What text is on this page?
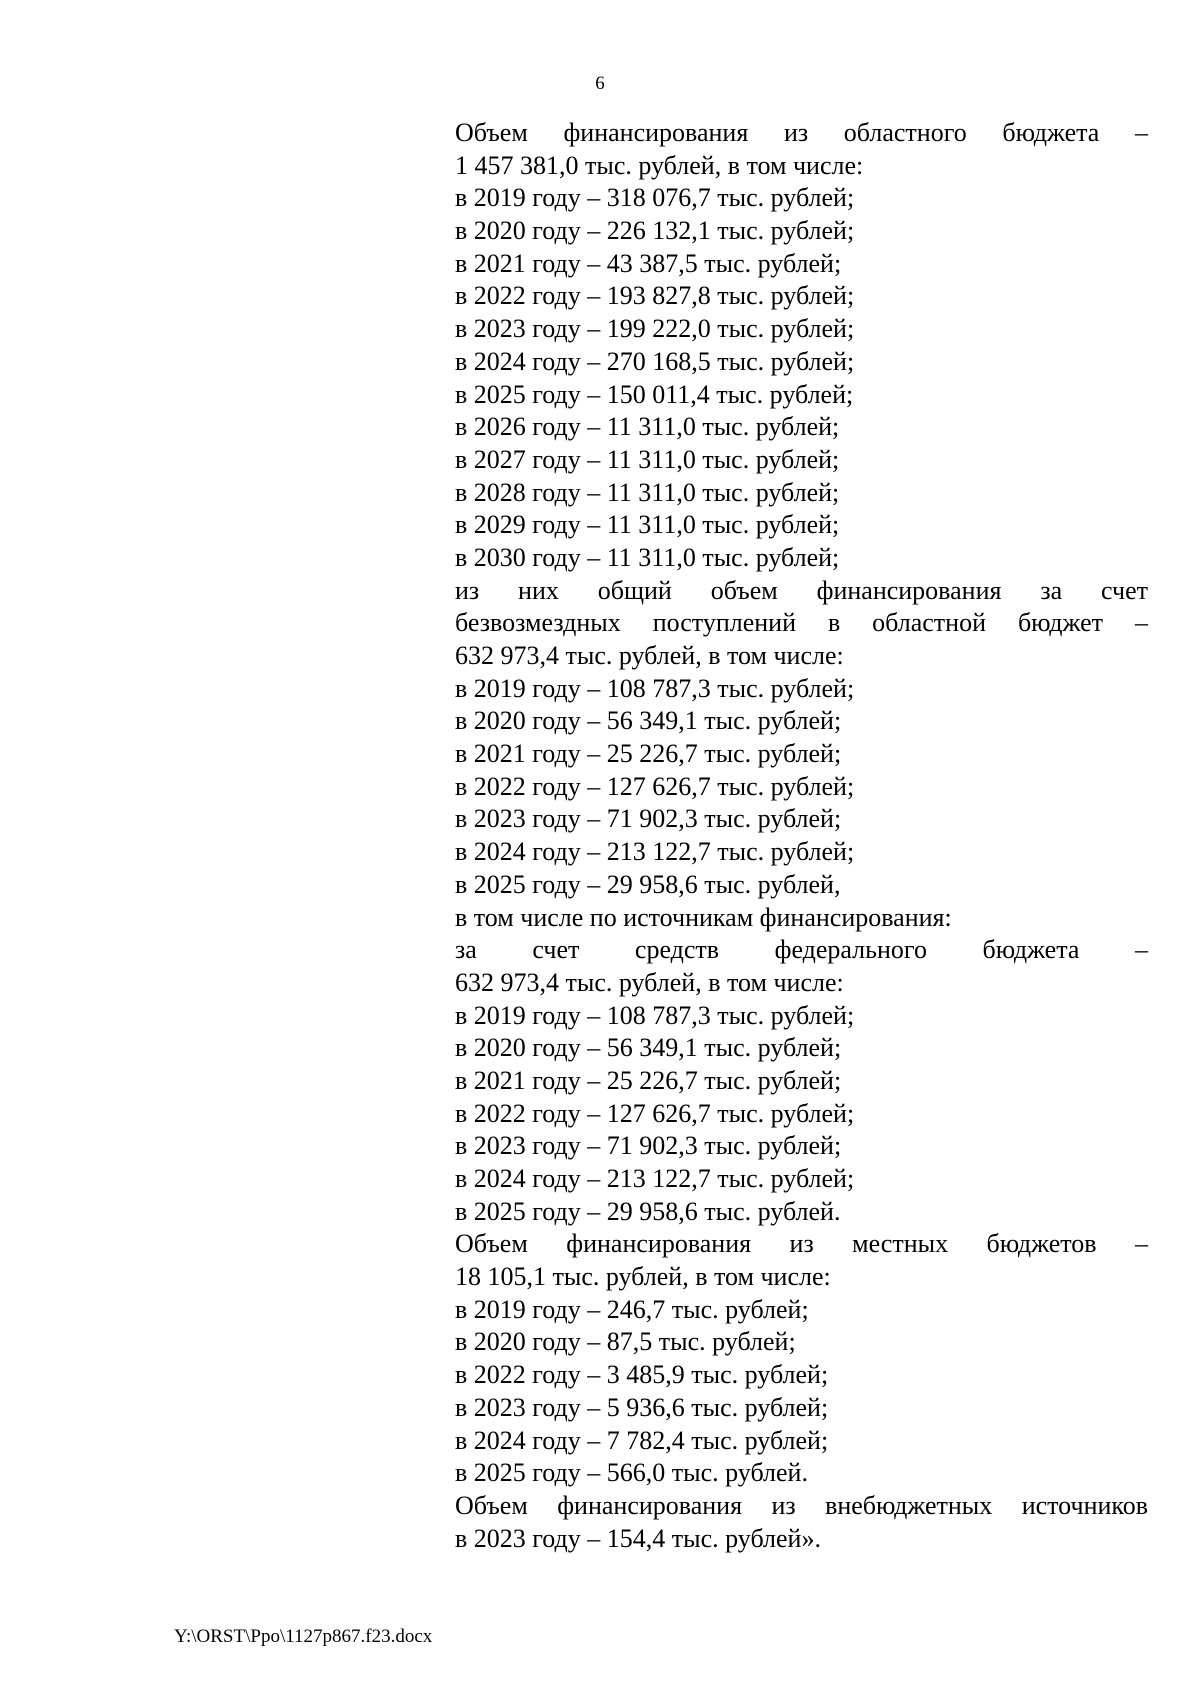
6
Объем финансирования из областного бюджета –
1 457 381,0 тыс. рублей, в том числе:
в 2019 году – 318 076,7 тыс. рублей;
в 2020 году – 226 132,1 тыс. рублей;
в 2021 году – 43 387,5 тыс. рублей;
в 2022 году – 193 827,8 тыс. рублей;
в 2023 году – 199 222,0 тыс. рублей;
в 2024 году – 270 168,5 тыс. рублей;
в 2025 году – 150 011,4 тыс. рублей;
в 2026 году – 11 311,0 тыс. рублей;
в 2027 году – 11 311,0 тыс. рублей;
в 2028 году – 11 311,0 тыс. рублей;
в 2029 году – 11 311,0 тыс. рублей;
в 2030 году – 11 311,0 тыс. рублей;
из них общий объем финансирования за счет
безвозмездных поступлений в областной бюджет –
632 973,4 тыс. рублей, в том числе:
в 2019 году – 108 787,3 тыс. рублей;
в 2020 году – 56 349,1 тыс. рублей;
в 2021 году – 25 226,7 тыс. рублей;
в 2022 году – 127 626,7 тыс. рублей;
в 2023 году – 71 902,3 тыс. рублей;
в 2024 году – 213 122,7 тыс. рублей;
в 2025 году – 29 958,6 тыс. рублей,
в том числе по источникам финансирования:
за счет средств федерального бюджета –
632 973,4 тыс. рублей, в том числе:
в 2019 году – 108 787,3 тыс. рублей;
в 2020 году – 56 349,1 тыс. рублей;
в 2021 году – 25 226,7 тыс. рублей;
в 2022 году – 127 626,7 тыс. рублей;
в 2023 году – 71 902,3 тыс. рублей;
в 2024 году – 213 122,7 тыс. рублей;
в 2025 году – 29 958,6 тыс. рублей.
Объем финансирования из местных бюджетов –
18 105,1 тыс. рублей, в том числе:
в 2019 году – 246,7 тыс. рублей;
в 2020 году – 87,5 тыс. рублей;
в 2022 году – 3 485,9 тыс. рублей;
в 2023 году – 5 936,6 тыс. рублей;
в 2024 году – 7 782,4 тыс. рублей;
в 2025 году – 566,0 тыс. рублей.
Объем финансирования из внебюджетных источников
в 2023 году – 154,4 тыс. рублей».
Y:\ORST\Ppo\1127p867.f23.docx
